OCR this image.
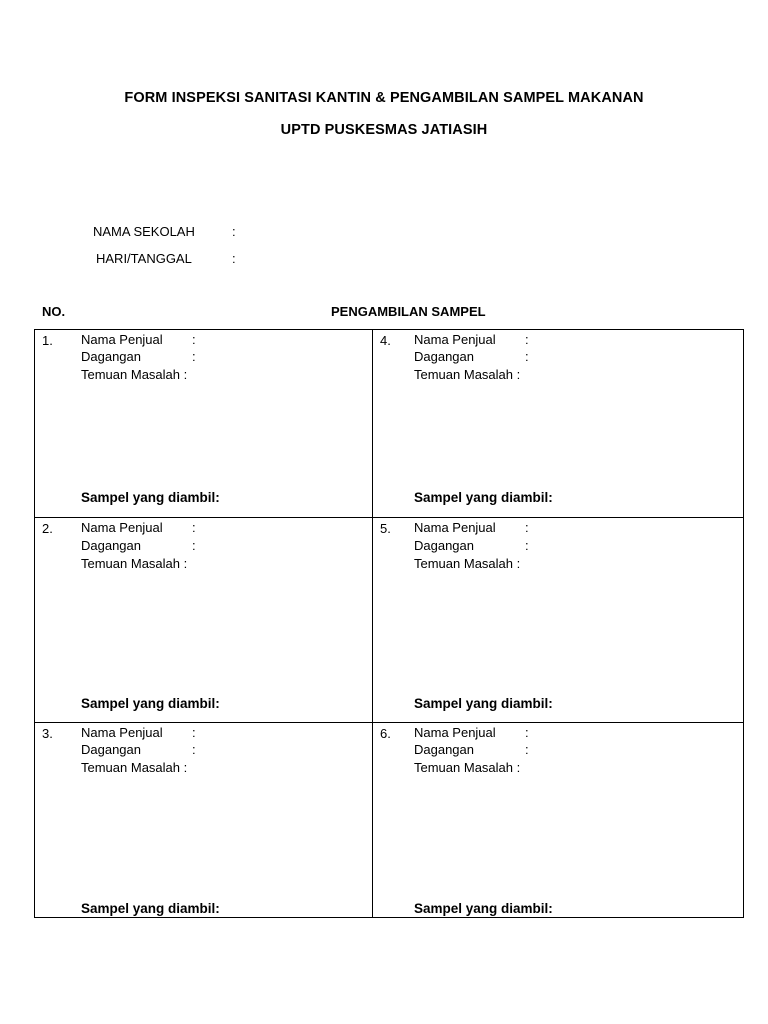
FORM INSPEKSI SANITASI KANTIN & PENGAMBILAN SAMPEL MAKANAN
UPTD PUSKESMAS JATIASIH
NAMA SEKOLAH	:
HARI/TANGGAL	:
NO.	PENGAMBILAN SAMPEL
1. Nama Penjual :
Dagangan	:
Temuan Masalah :
Sampel yang diambil:
4. Nama Penjual :
Dagangan	:
Temuan Masalah :
Sampel yang diambil:
2. Nama Penjual :
Dagangan	:
Temuan Masalah :
Sampel yang diambil:
5. Nama Penjual :
Dagangan	:
Temuan Masalah :
Sampel yang diambil:
3. Nama Penjual :
Dagangan	:
Temuan Masalah :
Sampel yang diambil:
6. Nama Penjual :
Dagangan	:
Temuan Masalah :
Sampel yang diambil:
